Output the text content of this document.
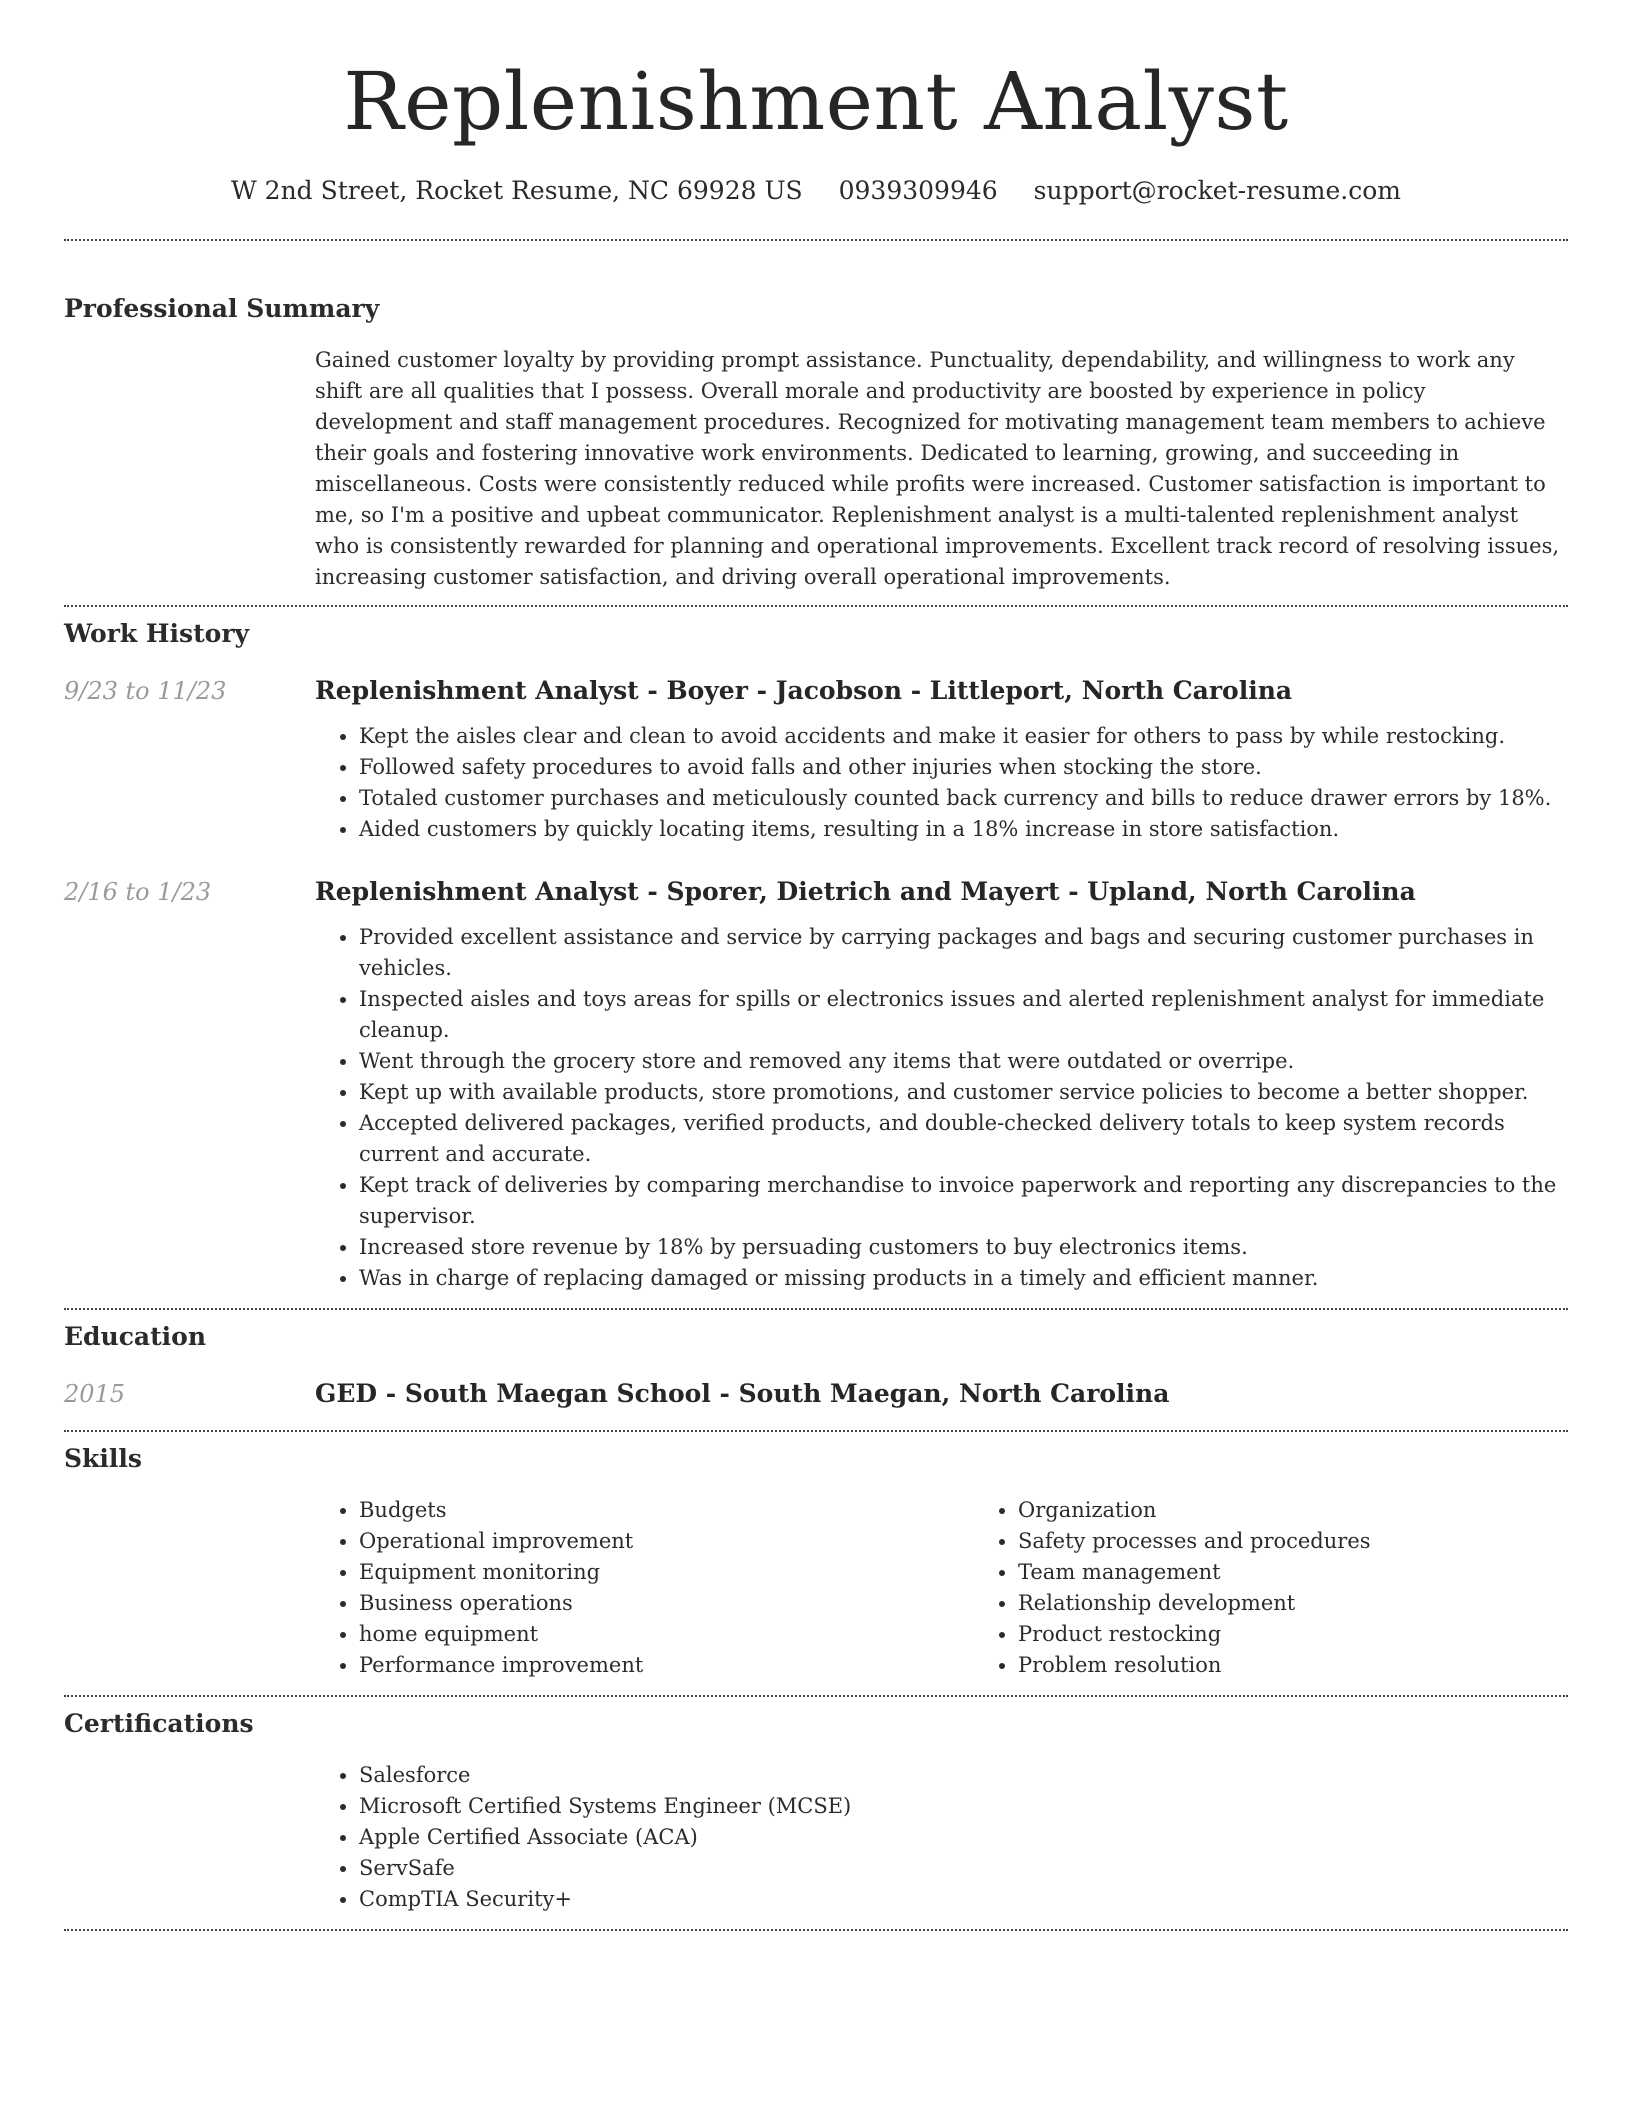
Replenishment Analyst
W 2nd Street, Rocket Resume, NC 69928 US 0939309946 support@rocket-resume.com
Professional Summary

Gained customer loyalty by providing prompt assistance. Punctuality, dependability, and willingness to work any shift are all qualities that I possess. Overall morale and productivity are boosted by experience in policy development and staff management procedures. Recognized for motivating management team members to achieve their goals and fostering innovative work environments. Dedicated to learning, growing, and succeeding in miscellaneous. Costs were consistently reduced while profits were increased. Customer satisfaction is important to me, so I'm a positive and upbeat communicator. Replenishment analyst is a multi-talented replenishment analyst who is consistently rewarded for planning and operational improvements. Excellent track record of resolving issues, increasing customer satisfaction, and driving overall operational improvements.

Work History
9/23 to 11/23	Replenishment Analyst - Boyer - Jacobson - Littleport, North Carolina
• Kept the aisles clear and clean to avoid accidents and make it easier for others to pass by while restocking.
• Followed safety procedures to avoid falls and other injuries when stocking the store.
• Totaled customer purchases and meticulously counted back currency and bills to reduce drawer errors by 18%.
• Aided customers by quickly locating items, resulting in a 18% increase in store satisfaction.
2/16 to 1/23	Replenishment Analyst - Sporer, Dietrich and Mayert - Upland, North Carolina
• Provided excellent assistance and service by carrying packages and bags and securing customer purchases in vehicles.
• Inspected aisles and toys areas for spills or electronics issues and alerted replenishment analyst for immediate cleanup.
• Went through the grocery store and removed any items that were outdated or overripe.
• Kept up with available products, store promotions, and customer service policies to become a better shopper.
• Accepted delivered packages, verified products, and double-checked delivery totals to keep system records current and accurate.
• Kept track of deliveries by comparing merchandise to invoice paperwork and reporting any discrepancies to the supervisor.
• Increased store revenue by 18% by persuading customers to buy electronics items.
• Was in charge of replacing damaged or missing products in a timely and efficient manner.
Education
2015	GED - South Maegan School - South Maegan, North Carolina
Skills
• Budgets
• Operational improvement
• Equipment monitoring
• Business operations
• home equipment
• Performance improvement
• Organization
• Safety processes and procedures
• Team management
• Relationship development
• Product restocking
• Problem resolution
Certifications
• Salesforce
• Microsoft Certified Systems Engineer (MCSE)
• Apple Certified Associate (ACA)
• ServSafe
• CompTIA Security+
